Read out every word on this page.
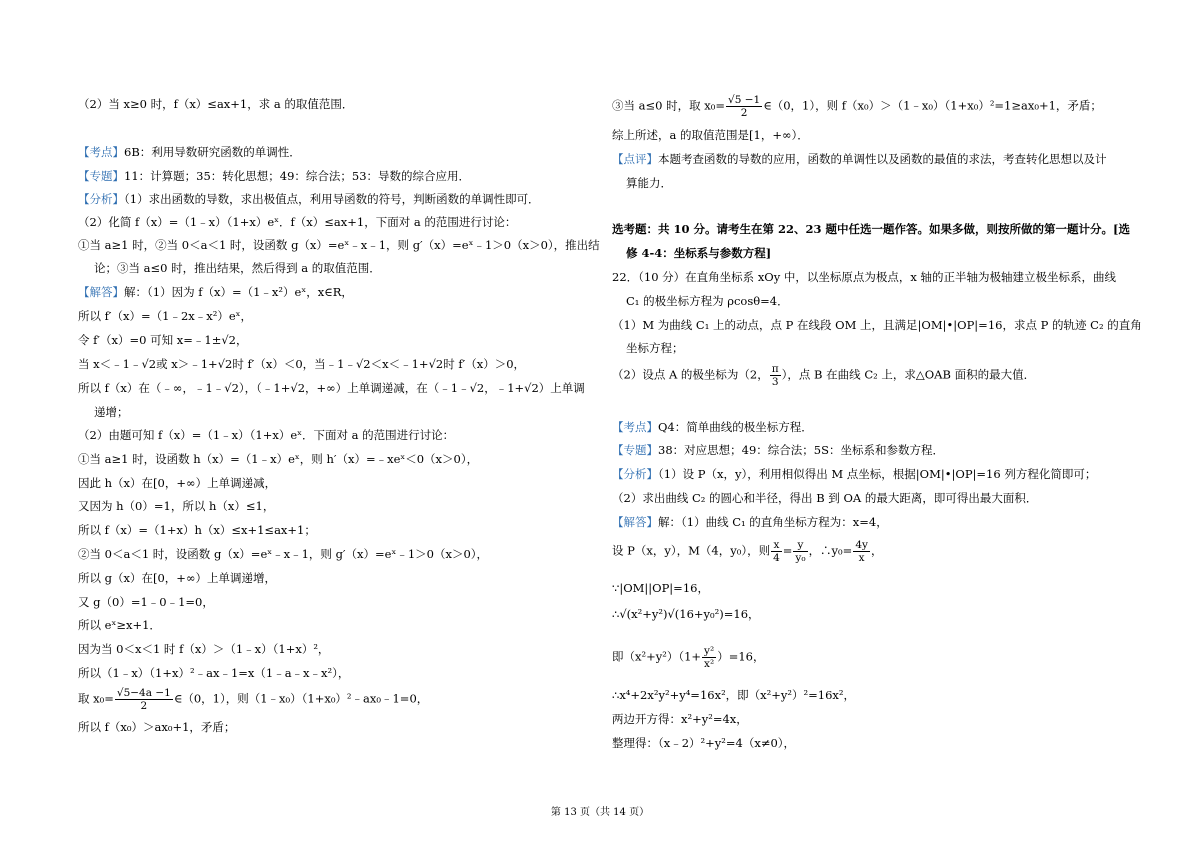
（2）当 x≥0 时，f（x）≤ax+1，求 a 的取值范围．
【考点】6B：利用导数研究函数的单调性．
【专题】11：计算题；35：转化思想；49：综合法；53：导数的综合应用．
【分析】（1）求出函数的导数，求出极值点，利用导函数的符号，判断函数的单调性即可．
（2）化简 f（x）=（1﹣x）（1+x）eˣ．f（x）≤ax+1，下面对 a 的范围进行讨论：
①当 a≥1 时，②当 0＜a＜1 时，设函数 g（x）=eˣ﹣x﹣1，则 g′（x）=eˣ﹣1＞0（x＞0），推出结
论；③当 a≤0 时，推出结果，然后得到 a 的取值范围．
【解答】解：（1）因为 f（x）=（1﹣x²）eˣ，x∈R，
所以 f′（x）=（1﹣2x﹣x²）eˣ，
令 f′（x）=0 可知 x=﹣1±√2，
当 x＜﹣1﹣√2或 x＞﹣1+√2时 f′（x）＜0，当﹣1﹣√2＜x＜﹣1+√2时 f′（x）＞0，
所以 f（x）在（﹣∞，﹣1﹣√2），（﹣1+√2，+∞）上单调递减，在（﹣1﹣√2，﹣1+√2）上单调
递增；
（2）由题可知 f（x）=（1﹣x）（1+x）eˣ．下面对 a 的范围进行讨论：
①当 a≥1 时，设函数 h（x）=（1﹣x）eˣ，则 h′（x）=﹣xeˣ＜0（x＞0），
因此 h（x）在[0，+∞）上单调递减，
又因为 h（0）=1，所以 h（x）≤1，
所以 f（x）=（1+x）h（x）≤x+1≤ax+1；
②当 0＜a＜1 时，设函数 g（x）=eˣ﹣x﹣1，则 g′（x）=eˣ﹣1＞0（x＞0），
所以 g（x）在[0，+∞）上单调递增，
又 g（0）=1﹣0﹣1=0，
所以 eˣ≥x+1．
因为当 0＜x＜1 时 f（x）＞（1﹣x）（1+x）²，
所以（1﹣x）（1+x）²﹣ax﹣1=x（1﹣a﹣x﹣x²），
取 $x_0= \frac{√5-4a -1}{2}$ ∈（0，1），则（1﹣x₀）（1+x₀）²﹣ax₀﹣1=0，
所以 f（x₀）＞ax₀+1，矛盾；
③当 a≤0 时，取 $x_0= \frac{√5 -1}{2}$ ∈（0，1），则 f（x₀）＞（1﹣x₀）（1+x₀）²=1≥ax₀+1，矛盾；
综上所述，a 的取值范围是[1，+∞）．
【点评】本题考查函数的导数的应用，函数的单调性以及函数的最值的求法，考查转化思想以及计
算能力．
选考题：共 10 分。请考生在第 22、23 题中任选一题作答。如果多做，则按所做的第一题计分。[选
修 4-4：坐标系与参数方程]
22．（10 分）在直角坐标系 xOy 中，以坐标原点为极点，x 轴的正半轴为极轴建立极坐标系，曲线
C₁ 的极坐标方程为 ρcosθ=4．
（1）M 为曲线 C₁ 上的动点，点 P 在线段 OM 上，且满足|OM|•|OP|=16，求点 P 的轨迹 C₂ 的直角
坐标方程；
（2）设点 A 的极坐标为（2， $\frac{\pi}{3}$ ），点 B 在曲线 C₂ 上，求△OAB 面积的最大值．
【考点】Q4：简单曲线的极坐标方程．
【专题】38：对应思想；49：综合法；5S：坐标系和参数方程．
【分析】（1）设 P（x，y），利用相似得出 M 点坐标，根据|OM|•|OP|=16 列方程化简即可；
（2）求出曲线 C₂ 的圆心和半径，得出 B 到 OA 的最大距离，即可得出最大面积．
【解答】解：（1）曲线 C₁ 的直角坐标方程为：x=4，
设 P（x，y），M（4，y₀），则 $\frac{x}{4} = \frac{y}{\text{y₀}}$ ，∴y₀= $\frac{4y}{x}$ ，
∵|OM||OP|=16，
∴√(x²+y²)√(16+y₀²)=16，
即$(x^2+y^2)(1+ \frac{\text{y²}}{\text{x²}} )=16$，
∴x⁴+2x²y²+y⁴=16x²，即（x²+y²）²=16x²，
两边开方得：x²+y²=4x，
整理得：（x﹣2）²+y²=4（x≠0），
第 13 页（共 14 页）
